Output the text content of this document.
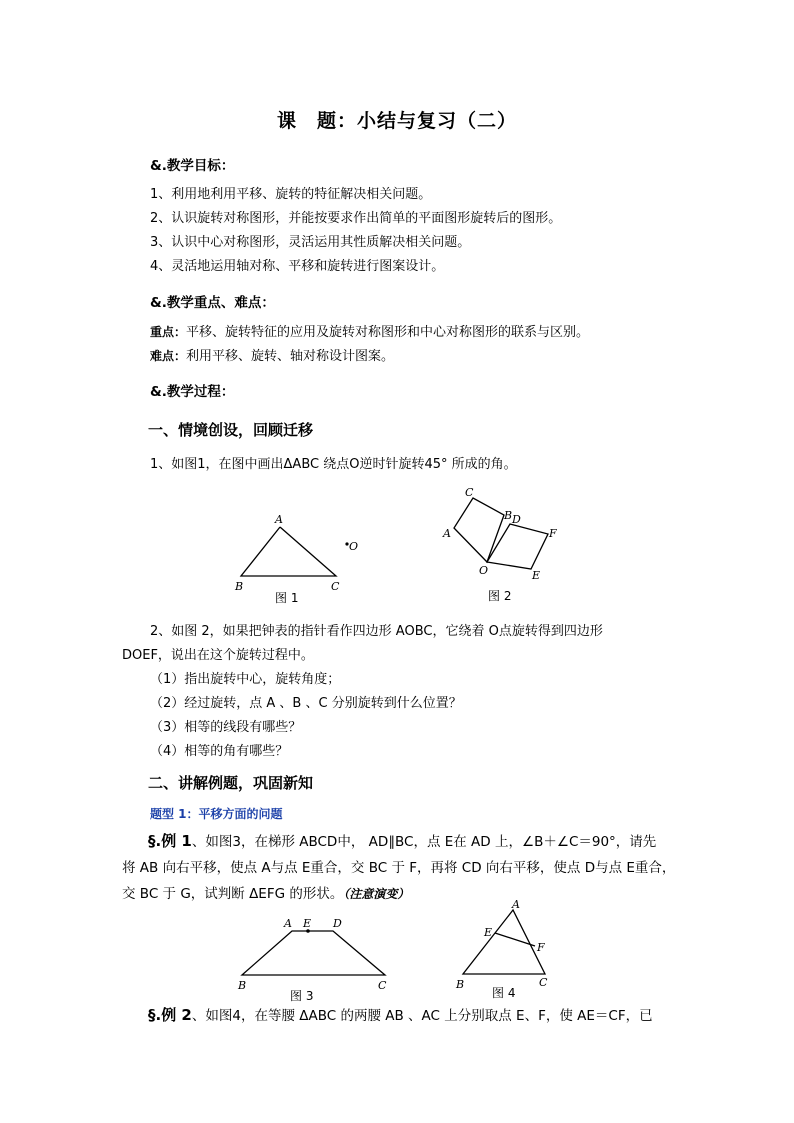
课　题：小结与复习（二）
&.教学目标：
1、利用地利用平移、旋转的特征解决相关问题。
2、认识旋转对称图形，并能按要求作出简单的平面图形旋转后的图形。
3、认识中心对称图形，灵活运用其性质解决相关问题。
4、灵活地运用轴对称、平移和旋转进行图案设计。
&.教学重点、难点：
重点：平移、旋转特征的应用及旋转对称图形和中心对称图形的联系与区别。
难点：利用平移、旋转、轴对称设计图案。
&.教学过程：
一、情境创设，回顾迁移
1、如图1，在图中画出ΔABC 绕点O逆时针旋转45° 所成的角。
A
B	C
O
图 1
C
B D
A	F
O	E
图 2
2、如图 2，如果把钟表的指针看作四边形 AOBC，它绕着 O点旋转得到四边形
DOEF，说出在这个旋转过程中。
（1）指出旋转中心，旋转角度；
（2）经过旋转，点 A 、B 、C 分别旋转到什么位置？
（3）相等的线段有哪些？
（4）相等的角有哪些？
二、讲解例题，巩固新知
题型 1：平移方面的问题
§.例 1、如图3，在梯形 ABCD中， AD∥BC，点 E在 AD 上，∠B＋∠C＝90°，请先
将 AB 向右平移，使点 A与点 E重合，交 BC 于 F，再将 CD 向右平移，使点 D与点 E重合，
交 BC 于 G，试判断 ΔEFG 的形状。（注意演变）
A E D
B	C
图 3
A
E
F
B	C
图 4
§.例 2、如图4，在等腰 ΔABC 的两腰 AB 、AC 上分别取点 E、F，使 AE＝CF，已
